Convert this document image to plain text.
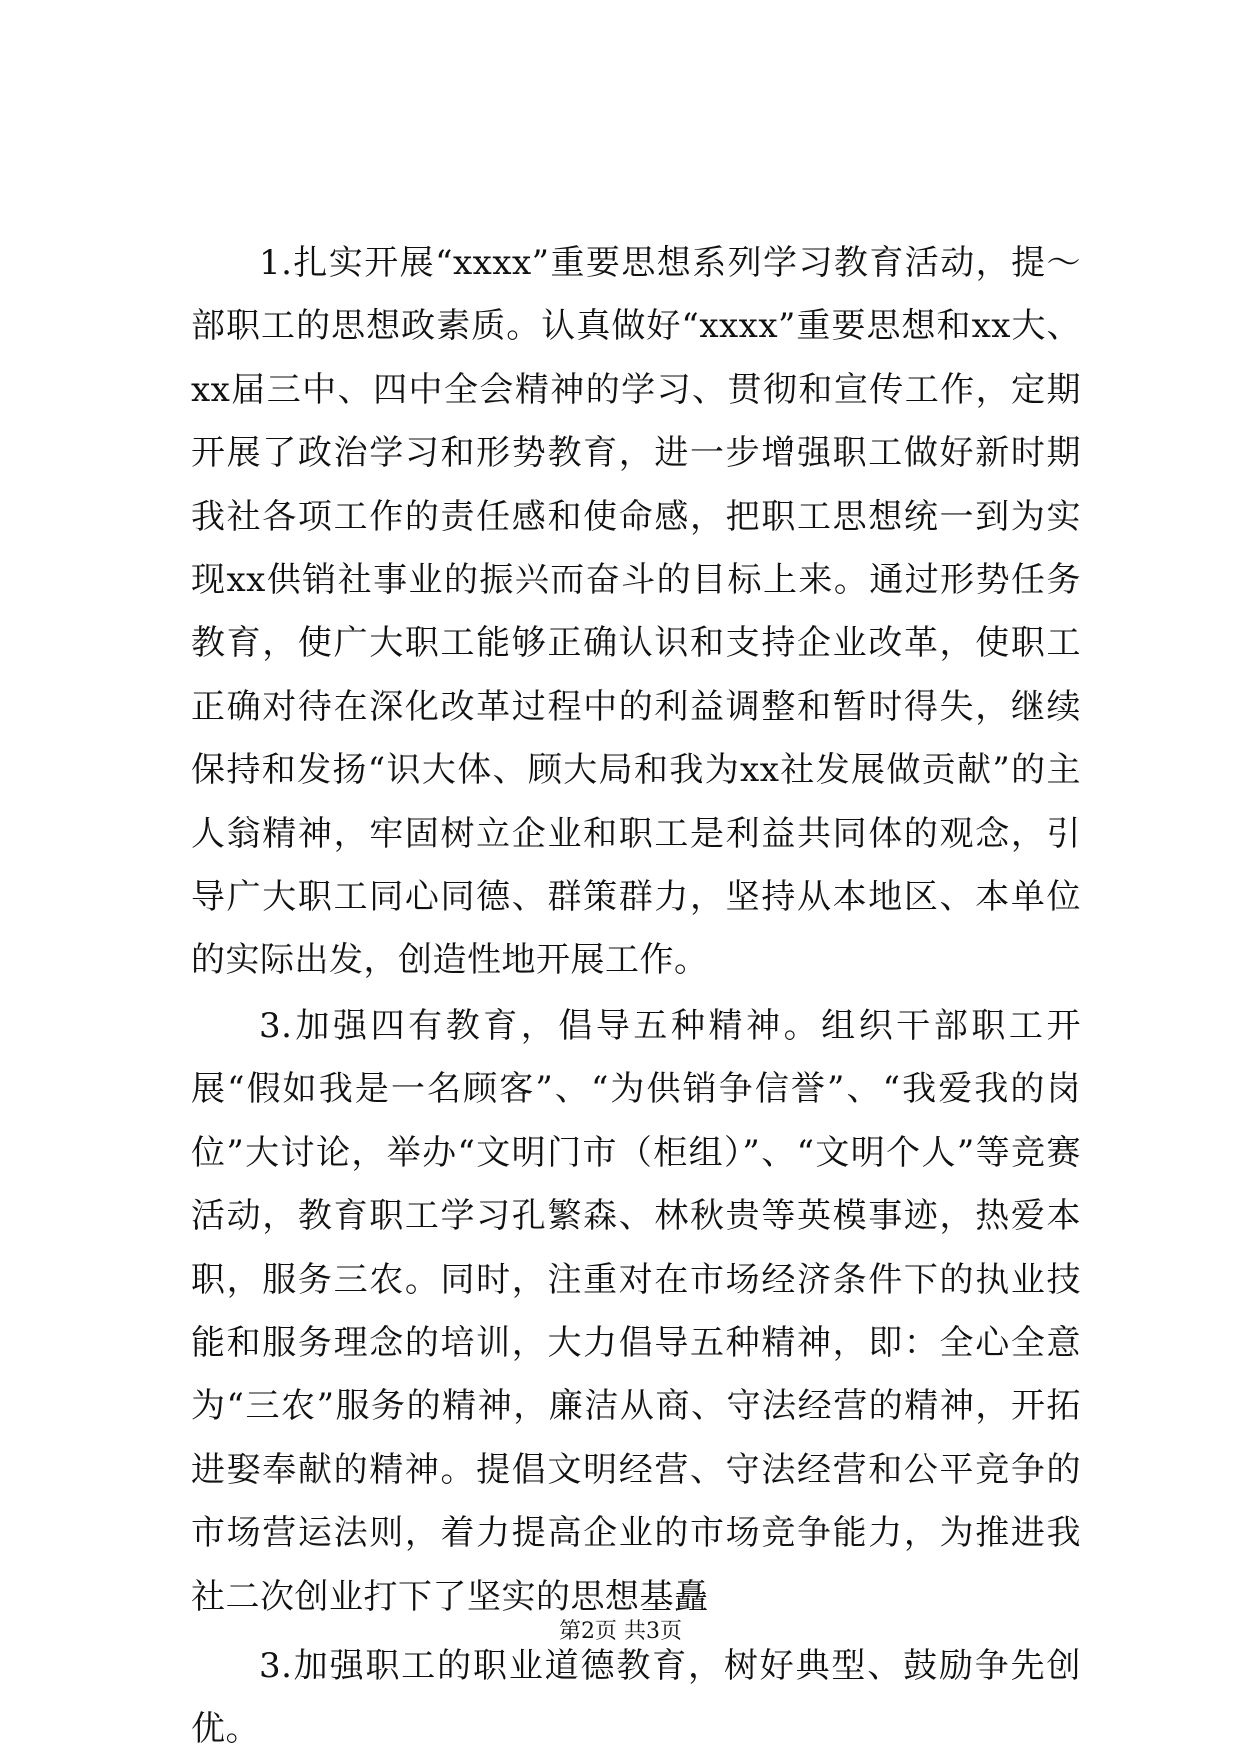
1.扎实开展“xxxx”重要思想系列学习教育活动，提～部职工的思想政素质。认真做好“xxxx”重要思想和xx大、xx届三中、四中全会精神的学习、贯彻和宣传工作，定期开展了政治学习和形势教育，进一步增强职工做好新时期我社各项工作的责任感和使命感，把职工思想统一到为实现xx供销社事业的振兴而奋斗的目标上来。通过形势任务教育，使广大职工能够正确认识和支持企业改革，使职工正确对待在深化改革过程中的利益调整和暂时得失，继续保持和发扬“识大体、顾大局和我为xx社发展做贡献”的主人翁精神，牢固树立企业和职工是利益共同体的观念，引导广大职工同心同德、群策群力，坚持从本地区、本单位的实际出发，创造性地开展工作。

3.加强四有教育，倡导五种精神。组织干部职工开展“假如我是一名顾客”、“为供销争信誉”、“我爱我的岗位”大讨论，举办“文明门市（柜组）”、“文明个人”等竞赛活动，教育职工学习孔繁森、林秋贵等英模事迹，热爱本职，服务三农。同时，注重对在市场经济条件下的执业技能和服务理念的培训，大力倡导五种精神，即：全心全意为“三农”服务的精神，廉洁从商、守法经营的精神，开拓进娶奉献的精神。提倡文明经营、守法经营和公平竞争的市场营运法则，着力提高企业的市场竞争能力，为推进我社二次创业打下了坚实的思想基矗

3.加强职工的职业道德教育，树好典型、鼓励争先创优。

第2页 共3页
